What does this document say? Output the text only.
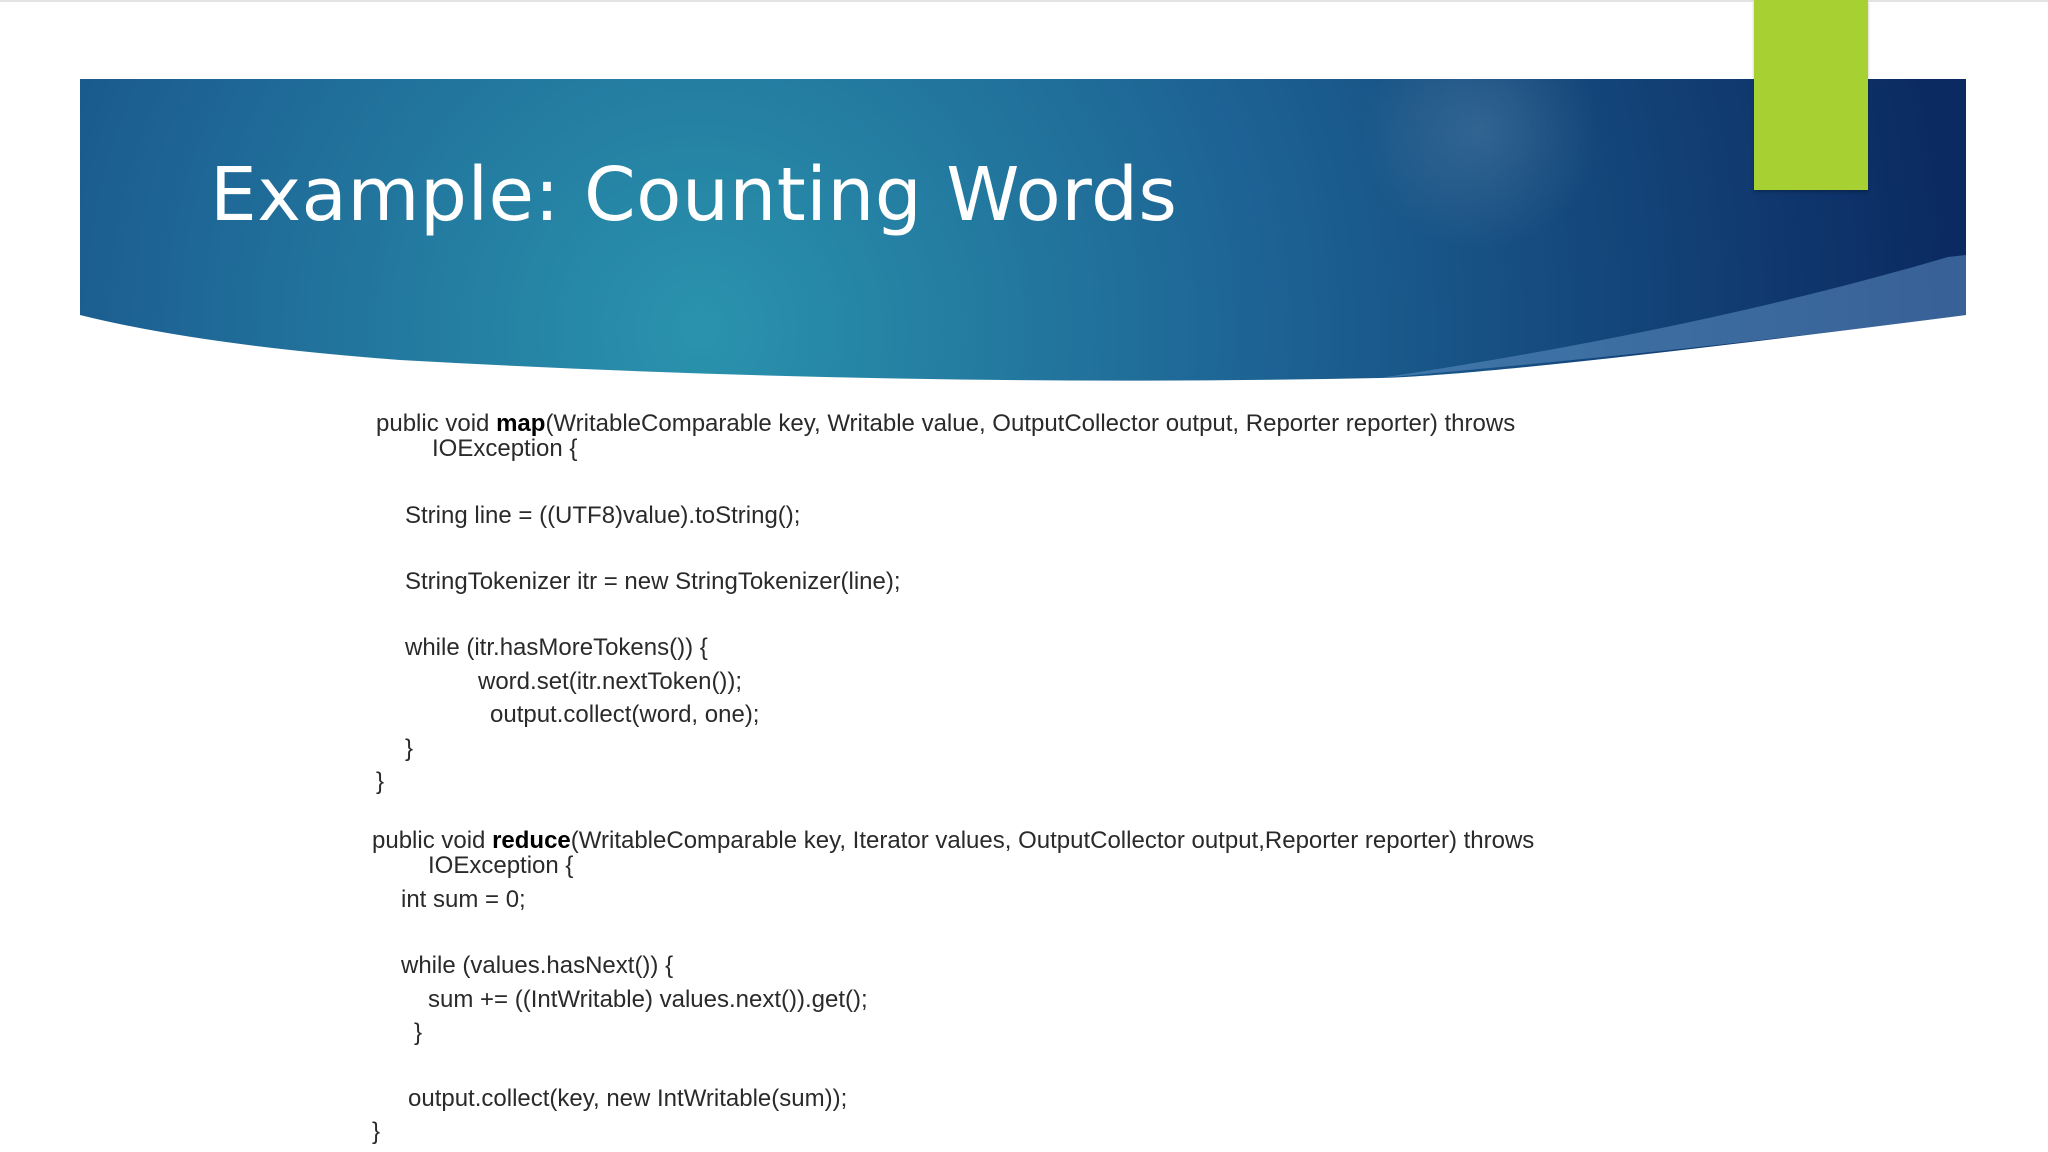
Example: Counting Words

public void map(WritableComparable key, Writable value, OutputCollector output, Reporter reporter) throws

IOException {

String line = ((UTF8)value).toString();

StringTokenizer itr = new StringTokenizer(line);

while (itr.hasMoreTokens()) {

word.set(itr.nextToken());

output.collect(word, one);

}

}

public void reduce(WritableComparable key, Iterator values, OutputCollector output,Reporter reporter) throws

IOException {

int sum = 0;

while (values.hasNext()) {

sum += ((IntWritable) values.next()).get();

}

output.collect(key, new IntWritable(sum));

}
